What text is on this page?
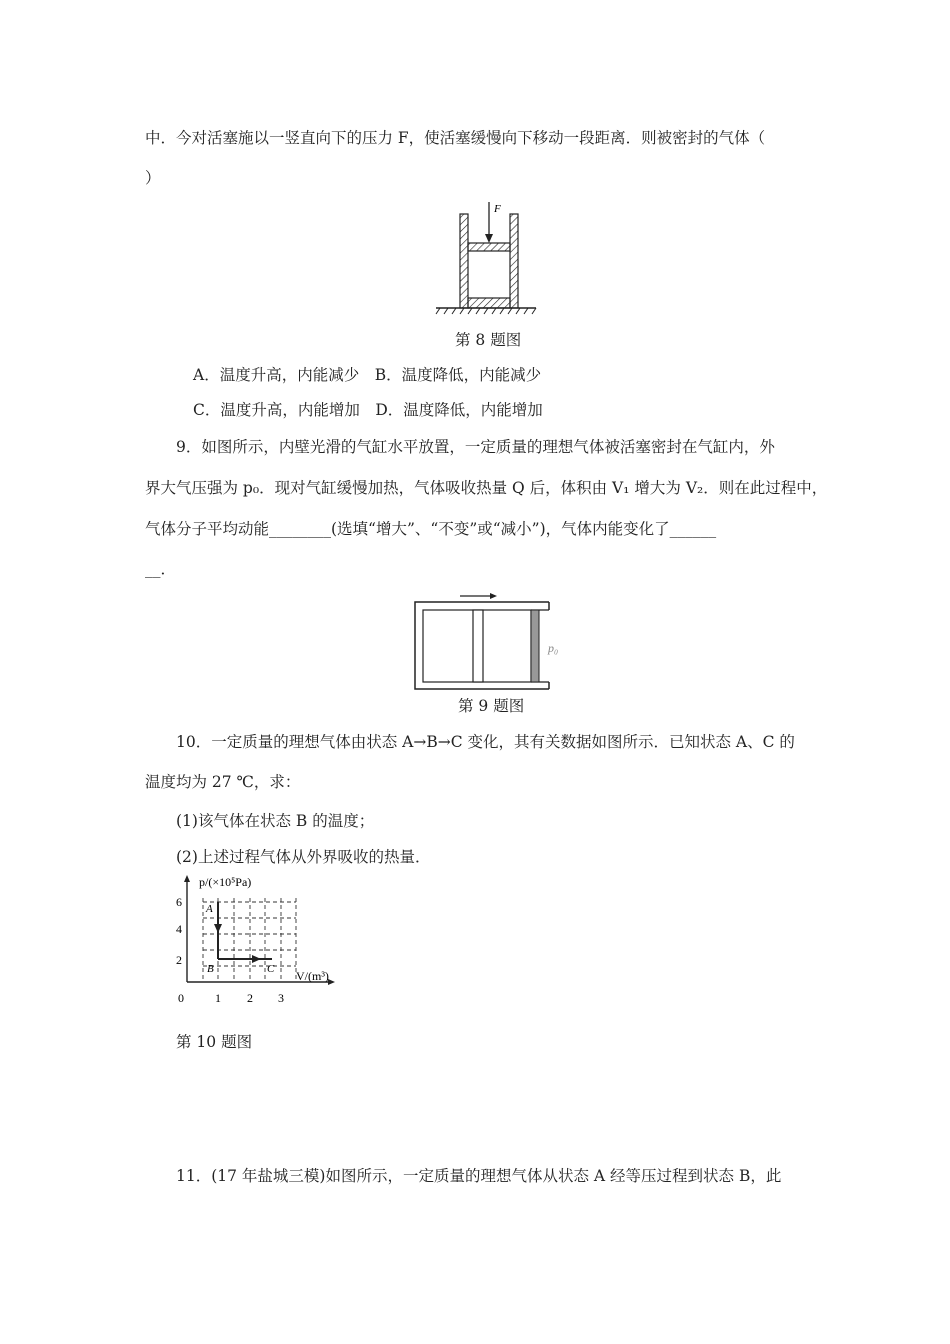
中．今对活塞施以一竖直向下的压力 F，使活塞缓慢向下移动一段距离．则被密封的气体（
）
F
第 8 题图
A．温度升高，内能减少　B．温度降低，内能减少
C．温度升高，内能增加　D．温度降低，内能增加
9．如图所示，内壁光滑的气缸水平放置，一定质量的理想气体被活塞密封在气缸内，外
界大气压强为 p₀．现对气缸缓慢加热，气体吸收热量 Q 后，体积由 V₁ 增大为 V₂．则在此过程中，
气体分子平均动能________(选填“增大”、“不变”或“减小”)，气体内能变化了______
__．
p₀
第 9 题图
10．一定质量的理想气体由状态 A→B→C 变化，其有关数据如图所示．已知状态 A、C 的
温度均为 27 ℃，求：
(1)该气体在状态 B 的温度；
(2)上述过程气体从外界吸收的热量．
p/(×10⁵Pa)
V/(m³)
0	1 2 3
2
4
6 A
B	C
第 10 题图
11．(17 年盐城三模)如图所示，一定质量的理想气体从状态 A 经等压过程到状态 B，此
